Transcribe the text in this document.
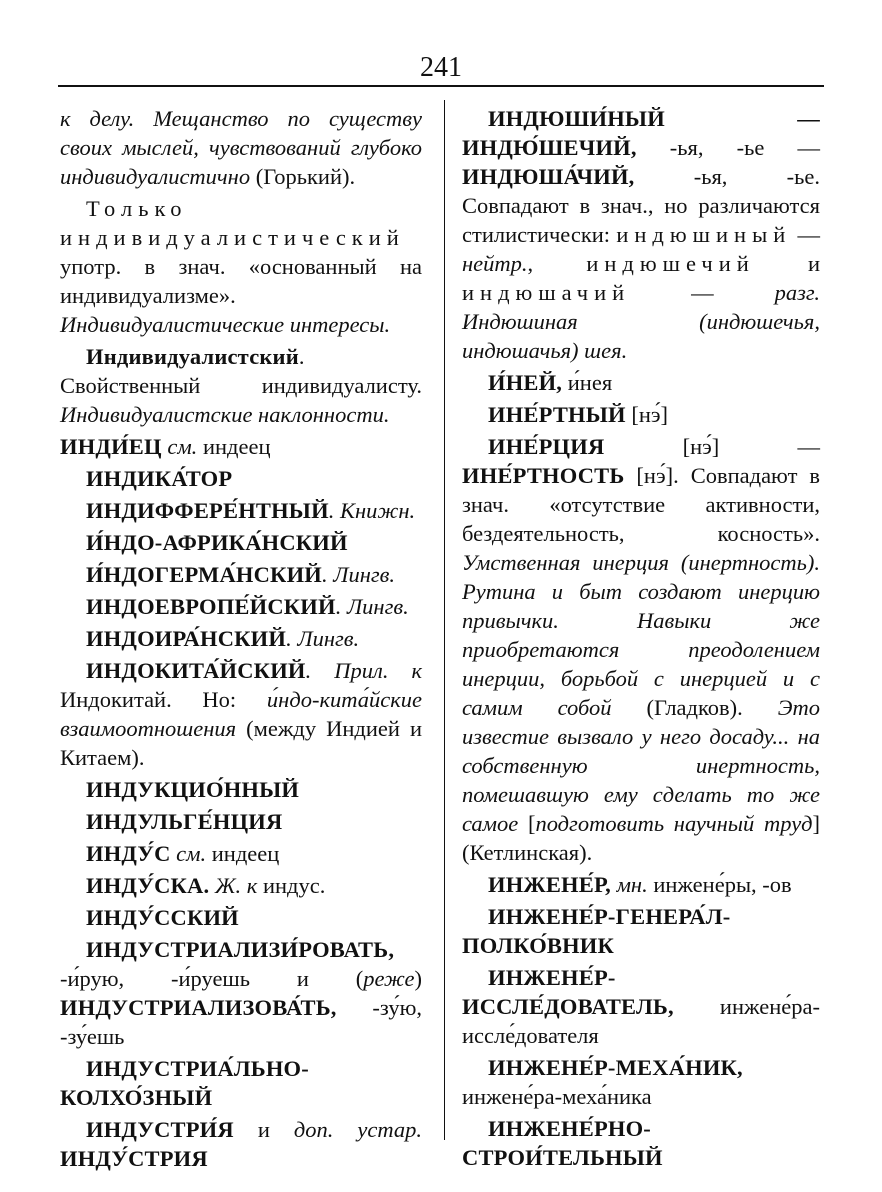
241

к делу. Мещанство по существу своих мыслей, чувствований глубоко индивидуалистично (Горький).

Только индивидуалистический употр. в знач. «основанный на индивидуализме». Индивидуалистические интересы.

Индивидуалистский. Свойственный индивидуалисту. Индивидуалистские наклонности.

ИНДИ́ЕЦ см. индеец

ИНДИКА́ТОР

ИНДИФФЕРЕ́НТНЫЙ. Книжн.

И́НДО-АФРИКА́НСКИЙ

И́НДОГЕРМА́НСКИЙ. Лингв.

ИНДОЕВРОПЕ́ЙСКИЙ. Лингв.

ИНДОИРА́НСКИЙ. Лингв.

ИНДОКИТА́ЙСКИЙ. Прил. к Индокитай. Но: и́ндо-кита́йские взаимоотношения (между Индией и Китаем).

ИНДУКЦИО́ННЫЙ

ИНДУЛЬГЕ́НЦИЯ

ИНДУ́С см. индеец

ИНДУ́СКА. Ж. к индус.

ИНДУ́ССКИЙ

ИНДУСТРИАЛИЗИ́РОВАТЬ, -и́рую, -и́руешь и (реже) ИНДУСТРИАЛИЗОВА́ТЬ, -зу́ю, -зу́ешь

ИНДУСТРИА́ЛЬНО-КОЛХО́ЗНЫЙ

ИНДУСТРИ́Я и доп. устар. ИНДУ́СТРИЯ

ИНДЮШИ́НЫЙ — ИНДЮ́ШЕЧИЙ, -ья, -ье — ИНДЮША́ЧИЙ, -ья, -ье. Совпадают в знач., но различаются стилистически: индюшиный — нейтр., индюшечий и индюшачий — разг. Индюшиная (индюшечья, индюшачья) шея.

И́НЕЙ, и́нея

ИНЕ́РТНЫЙ [нэ́]

ИНЕ́РЦИЯ [нэ́] — ИНЕ́РТНОСТЬ [нэ́]. Совпадают в знач. «отсутствие активности, бездеятельность, косность». Умственная инерция (инертность). Рутина и быт создают инерцию привычки. Навыки же приобретаются преодолением инерции, борьбой с инерцией и с самим собой (Гладков). Это известие вызвало у него досаду... на собственную инертность, помешавшую ему сделать то же самое [подготовить научный труд] (Кетлинская).

ИНЖЕНЕ́Р, мн. инжене́ры, -ов

ИНЖЕНЕ́Р-ГЕНЕРА́Л-ПОЛКО́ВНИК

ИНЖЕНЕ́Р-ИССЛЕ́ДОВАТЕЛЬ, инжене́ра-иссле́дователя

ИНЖЕНЕ́Р-МЕХА́НИК, инжене́ра-меха́ника

ИНЖЕНЕ́РНО-СТРОИ́ТЕЛЬНЫЙ
